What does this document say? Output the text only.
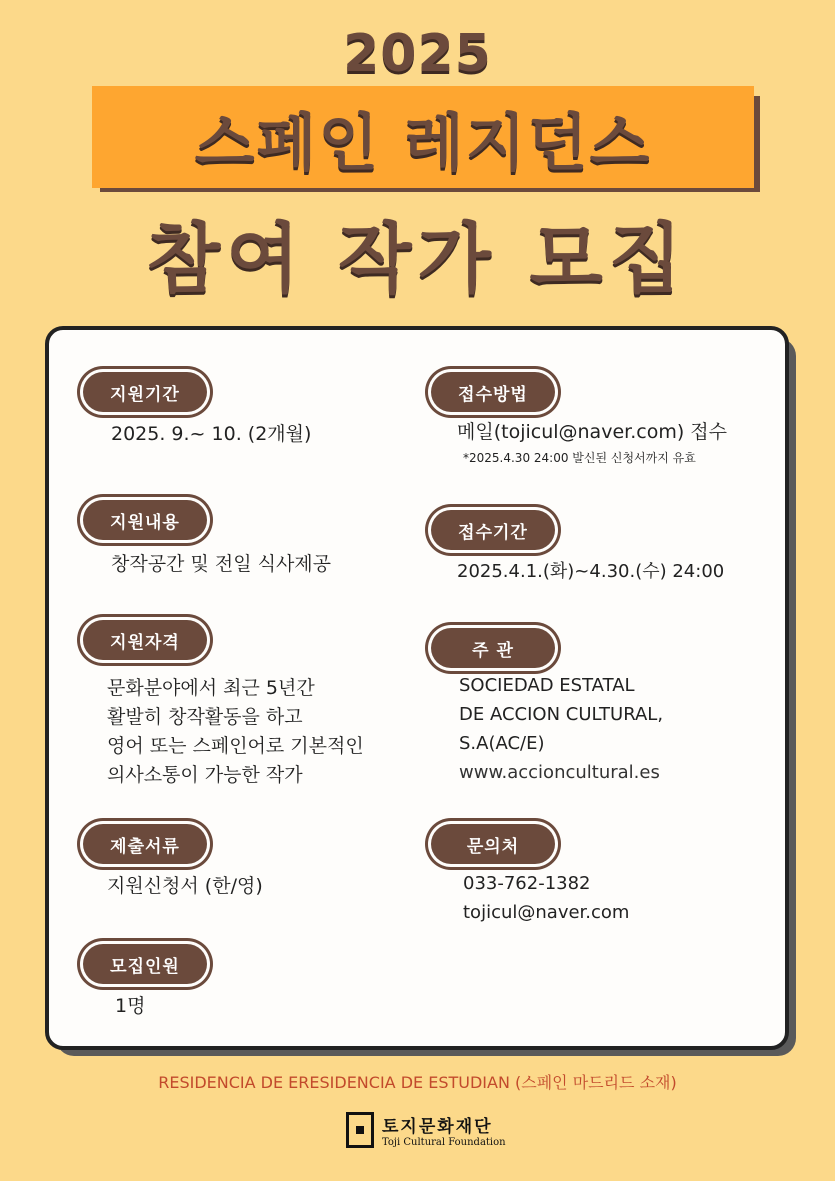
2025
스페인 레지던스
참여 작가 모집
지원기간
2025. 9.~ 10. (2개월)
지원내용
창작공간 및 전일 식사제공
지원자격
문화분야에서 최근 5년간
활발히 창작활동을 하고
영어 또는 스페인어로 기본적인
의사소통이 가능한 작가
제출서류
지원신청서 (한/영)
모집인원
1명
접수방법
메일(tojicul@naver.com) 접수
*2025.4.30 24:00 발신된 신청서까지 유효
접수기간
2025.4.1.(화)~4.30.(수) 24:00
주 관
SOCIEDAD ESTATAL
DE ACCION CULTURAL,
S.A(AC/E)
www.accioncultural.es
문의처
033-762-1382
tojicul@naver.com
RESIDENCIA DE ERESIDENCIA DE ESTUDIAN (스페인 마드리드 소재)
토지문화재단
Toji Cultural Foundation
